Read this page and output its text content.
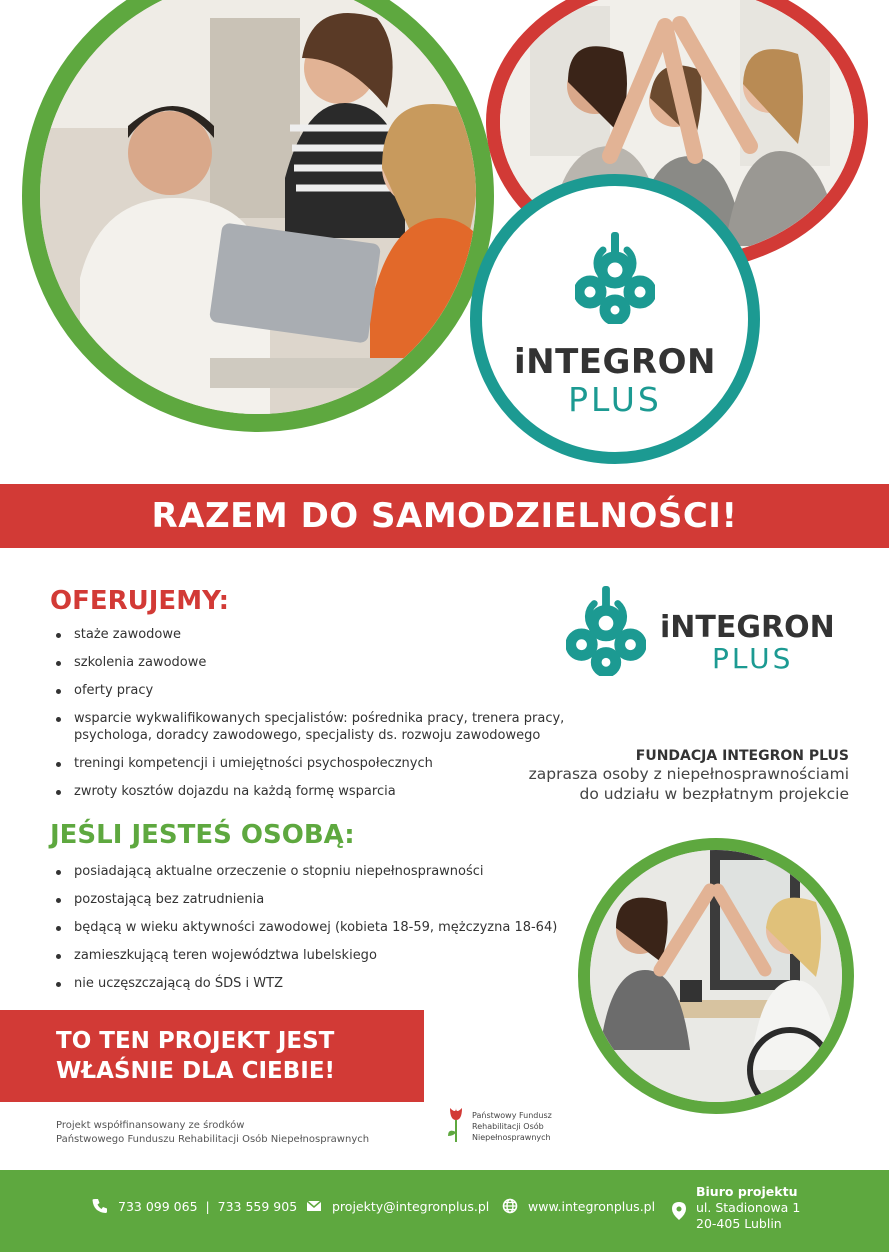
iNTEGRON
PLUS
RAZEM DO SAMODZIELNOŚCI!
OFERUJEMY:
staże zawodowe
szkolenia zawodowe
oferty pracy
wsparcie wykwalifikowanych specjalistów: pośrednika pracy, trenera pracy, psychologa, doradcy zawodowego, specjalisty ds. rozwoju zawodowego
treningi kompetencji i umiejętności psychospołecznych
zwroty kosztów dojazdu na każdą formę wsparcia
JEŚLI JESTEŚ OSOBĄ:
posiadającą aktualne orzeczenie o stopniu niepełnosprawności
pozostającą bez zatrudnienia
będącą w wieku aktywności zawodowej (kobieta 18-59, mężczyzna 18-64)
zamieszkującą teren województwa lubelskiego
nie uczęszczającą do ŚDS i WTZ
iNTEGRON
PLUS
FUNDACJA INTEGRON PLUS
zaprasza osoby z niepełnosprawnościami
do udziału w bezpłatnym projekcie
TO TEN PROJEKT JEST
WŁAŚNIE DLA CIEBIE!
Projekt współfinansowany ze środków
Państwowego Funduszu Rehabilitacji Osób Niepełnosprawnych
Państwowy Fundusz
Rehabilitacji Osób
Niepełnosprawnych
733 099 065  |  733 559 905	projekty@integronplus.pl	www.integronplus.pl
Biuro projektu
ul. Stadionowa 1
20-405 Lublin
